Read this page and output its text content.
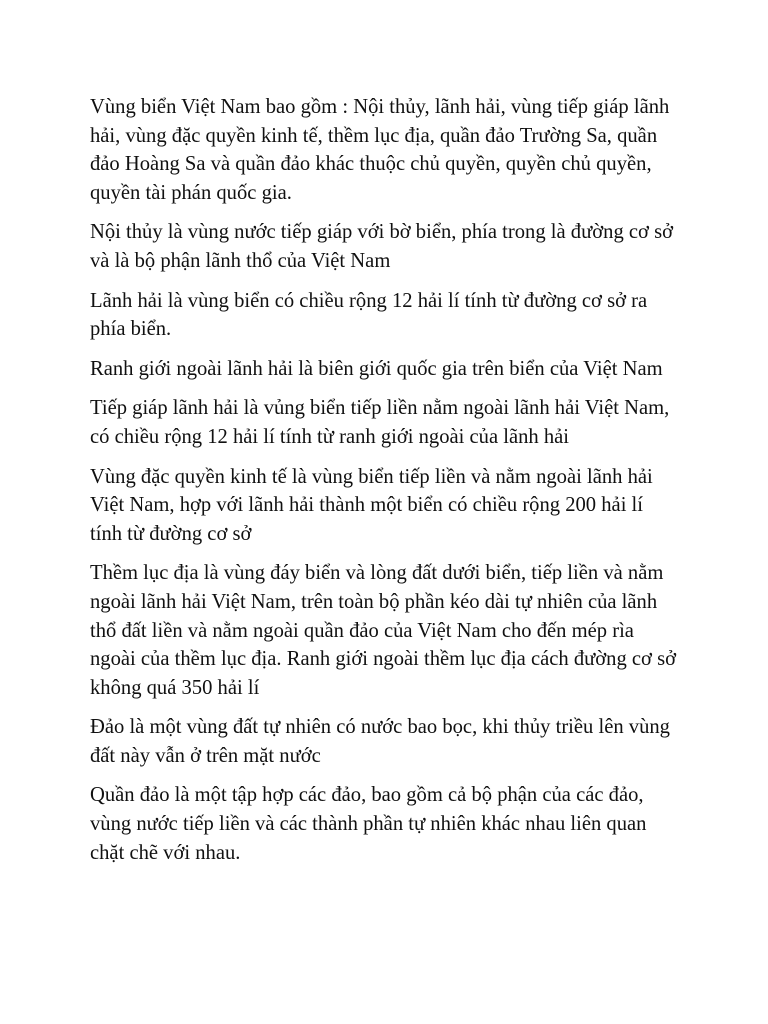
Vùng biển Việt Nam bao gồm : Nội thủy, lãnh hải, vùng tiếp giáp lãnh hải, vùng đặc quyền kinh tế, thềm lục địa, quần đảo Trường Sa, quần đảo Hoàng Sa và quần đảo khác thuộc chủ quyền, quyền chủ quyền, quyền tài phán quốc gia.

Nội thủy là vùng nước tiếp giáp với bờ biển, phía trong là đường cơ sở và là bộ phận lãnh thổ của Việt Nam

Lãnh hải là vùng biển có chiều rộng 12 hải lí tính từ đường cơ sở ra phía biển.

Ranh giới ngoài lãnh hải là biên giới quốc gia trên biển của Việt Nam

Tiếp giáp lãnh hải là vủng biển tiếp liền nằm ngoài lãnh hải Việt Nam, có chiều rộng 12 hải lí tính từ ranh giới ngoài của lãnh hải

Vùng đặc quyền kinh tế là vùng biển tiếp liền và nằm ngoài lãnh hải Việt Nam, hợp với lãnh hải thành một biển có chiều rộng 200 hải lí tính từ đường cơ sở

Thềm lục địa là vùng đáy biển và lòng đất dưới biển, tiếp liền và nằm ngoài lãnh hải Việt Nam, trên toàn bộ phần kéo dài tự nhiên của lãnh thổ đất liền và nằm ngoài quần đảo của Việt Nam cho đến mép rìa ngoài của thềm lục địa. Ranh giới ngoài thềm lục địa cách đường cơ sở không quá 350 hải lí

Đảo là một vùng đất tự nhiên có nước bao bọc, khi thủy triều lên vùng đất này vẫn ở trên mặt nước

Quần đảo là một tập hợp các đảo, bao gồm cả bộ phận của các đảo, vùng nước tiếp liền và các thành phần tự nhiên khác nhau liên quan chặt chẽ với nhau.
